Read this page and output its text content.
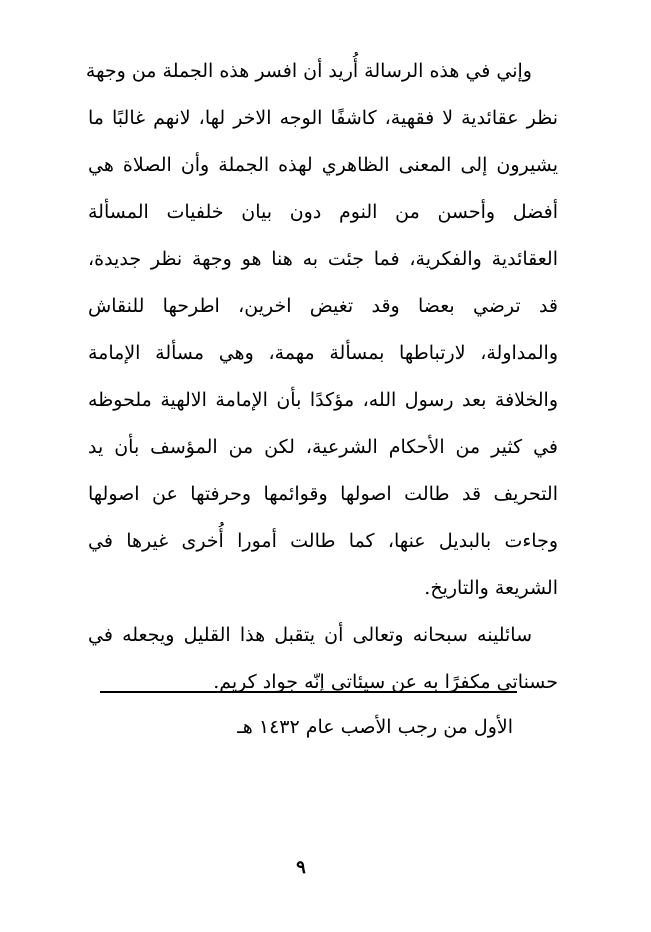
وإني في هذه الرسالة أُريد أن افسر هذه الجملة من وجهة
نظر عقائدية لا فقهية، كاشفًا الوجه الاخر لها، لانهم غالبًا ما
يشيرون إلى المعنى الظاهري لهذه الجملة وأن الصلاة هي
أفضل وأحسن من النوم دون بيان خلفيات المسألة
العقائدية والفكرية، فما جئت به هنا هو وجهة نظر جديدة،
قد ترضي بعضا وقد تغيض اخرين، اطرحها للنقاش
والمداولة، لارتباطها بمسألة مهمة، وهي مسألة الإمامة
والخلافة بعد رسول الله، مؤكدًا بأن الإمامة الالهية ملحوظه
في كثير من الأحكام الشرعية، لكن من المؤسف بأن يد
التحريف قد طالت اصولها وقوائمها وحرفتها عن اصولها
وجاءت بالبديل عنها، كما طالت أمورا أُخرى غيرها في
الشريعة والتاريخ.
سائلينه سبحانه وتعالى أن يتقبل هذا القليل ويجعله في
حسناتي مكفرًا به عن سيئاتي إنّه جواد كريم.
الأول من رجب الأصب عام ١٤٣٢ هـ
٩
